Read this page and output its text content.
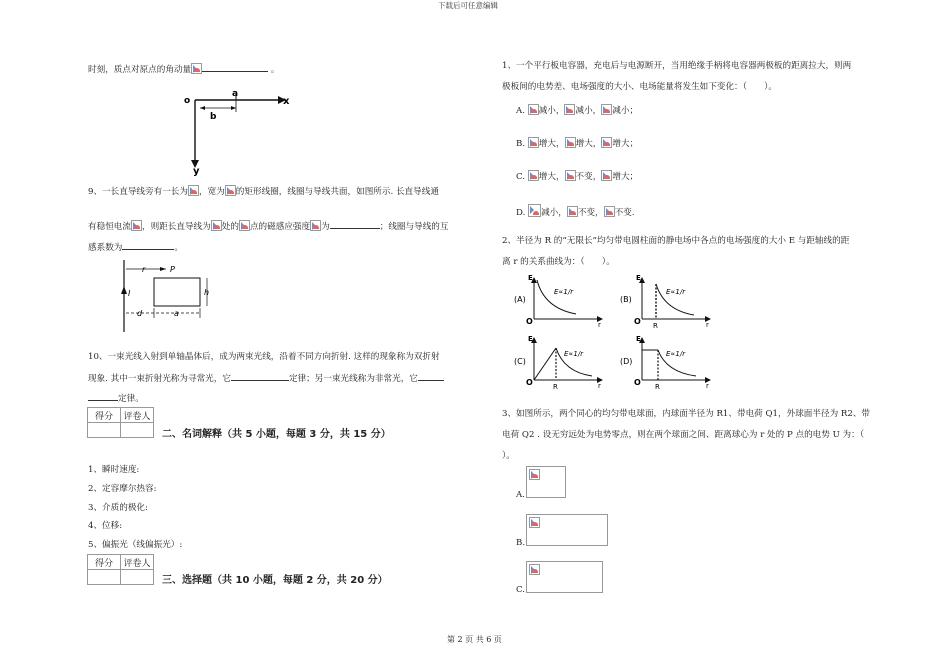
下载后可任意编辑
第 2 页 共 6 页
时刻，质点对原点的角动量	。
o
a
b
x
y
9、一长直导线旁有一长为 ，宽为 的矩形线圈，线圈与导线共面，如图所示. 长直导线通
有稳恒电流 ，则距长直导线为 处的 点的磁感应强度 为	；线圈与导线的互
感系数为	。
r	P
I	h
d	a
10、一束光线入射到单轴晶体后，成为两束光线，沿着不同方向折射. 这样的现象称为双折射
现象. 其中一束折射光称为寻常光，它	定律；另一束光线称为非常光，它
定律。
得分	评卷人

二、名词解释（共 5 小题，每题 3 分，共 15 分）
1、瞬时速度:
2、定容摩尔热容:
3、介质的极化:
4、位移:
5、偏振光（线偏振光）:
得分	评卷人

三、选择题（共 10 小题，每题 2 分，共 20 分）
1、一个平行板电容器，充电后与电源断开，当用绝缘手柄将电容器两极板的距离拉大，则两
极板间的电势差、电场强度的大小、电场能量将发生如下变化：（　　）。
A. 减小， 减小， 减小；
B. 增大， 增大， 增大；
C. 增大， 不变， 增大；
D. 减小， 不变， 不变.
2、半径为 R 的“无限长”均匀带电圆柱面的静电场中各点的电场强度的大小 E 与距轴线的距
离 r 的关系曲线为：（　　）。
(A)
E∝1/r
E
O	r
(B)
E∝1/r
E
O R	r
(C)
E∝1/r
E
O	R	r
(D)
E∝1/r
E
O R	r
3、如图所示，两个同心的均匀带电球面，内球面半径为 R1、带电荷 Q1，外球面半径为 R2、带
电荷 Q2 . 设无穷远处为电势零点，则在两个球面之间、距离球心为 r 处的 P 点的电势 U 为：（
）。
A.
B.
C.
